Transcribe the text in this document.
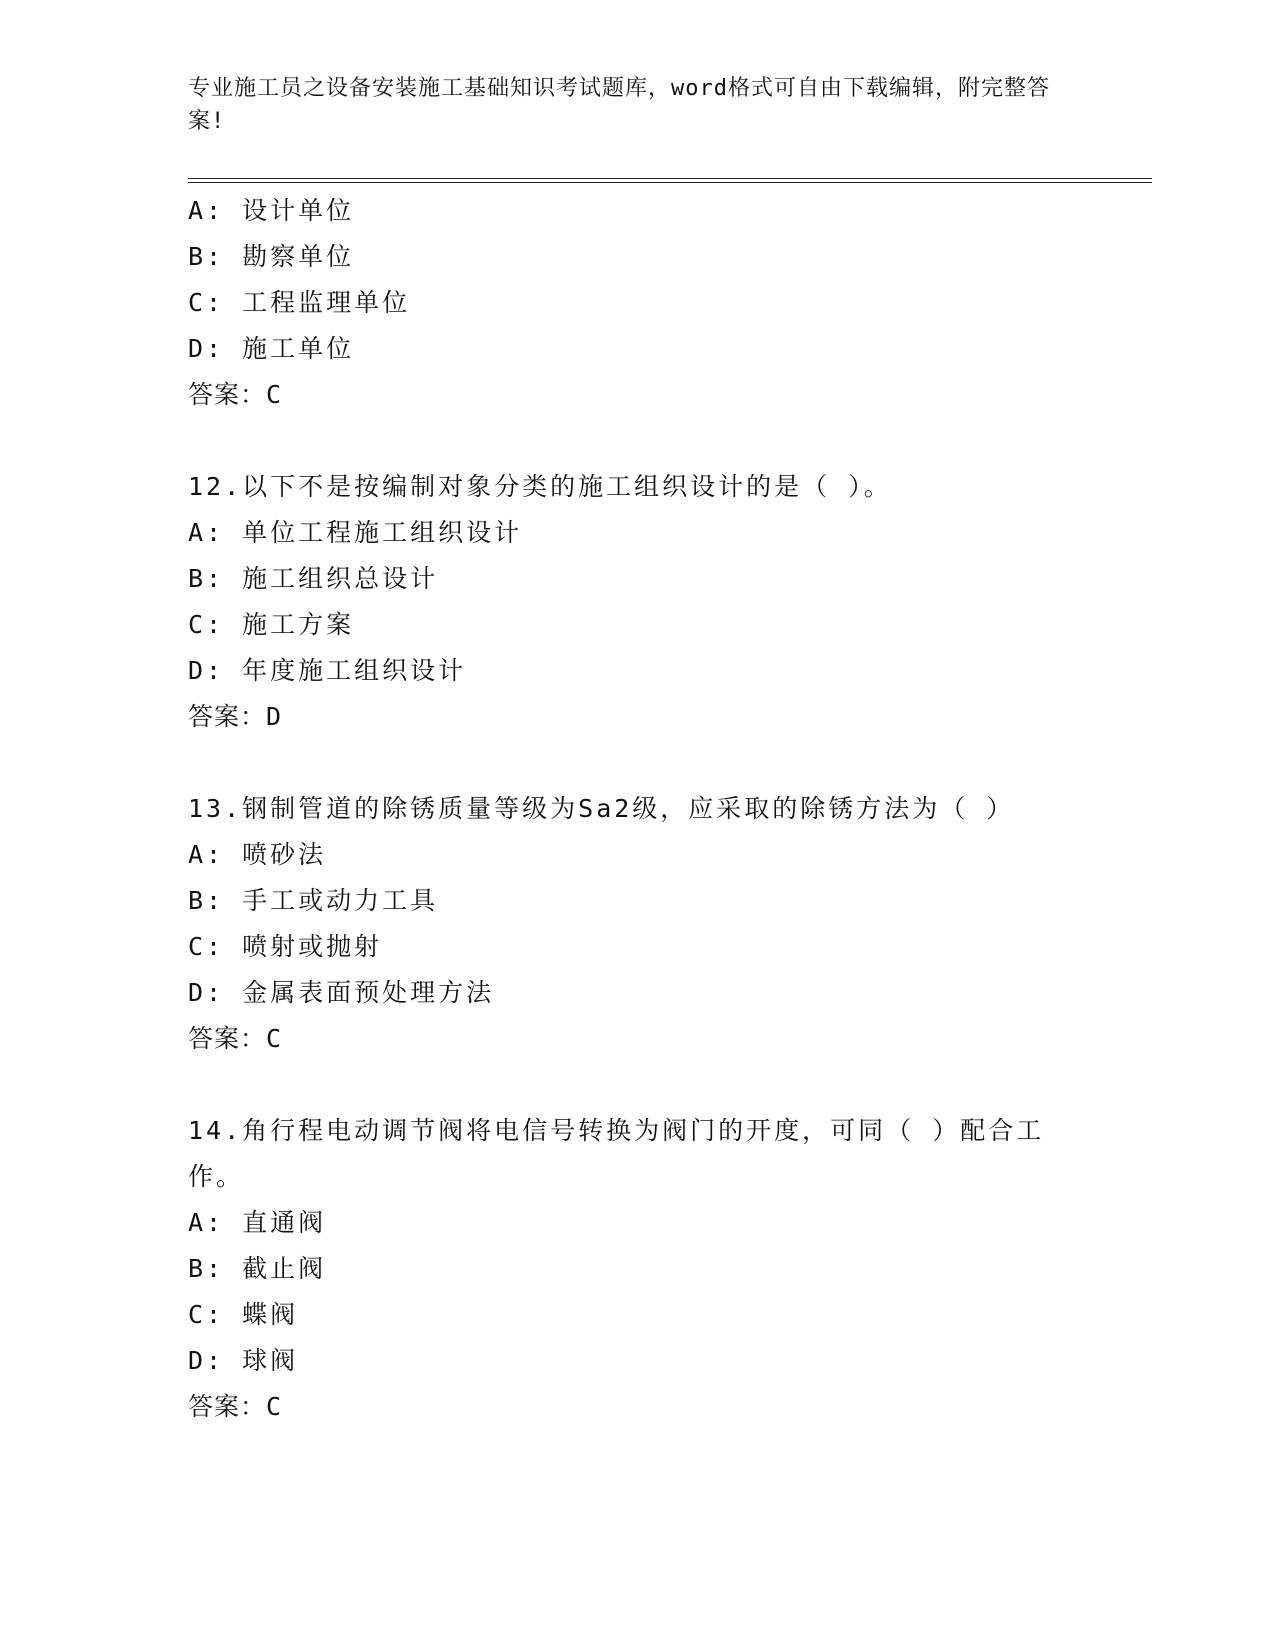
专业施工员之设备安装施工基础知识考试题库，word格式可自由下载编辑，附完整答案!
A: 设计单位
B: 勘察单位
C: 工程监理单位
D: 施工单位
答案：C
12.以下不是按编制对象分类的施工组织设计的是（ ）。
A: 单位工程施工组织设计
B: 施工组织总设计
C: 施工方案
D: 年度施工组织设计
答案：D
13.钢制管道的除锈质量等级为Sa2级，应采取的除锈方法为（ ）
A: 喷砂法
B: 手工或动力工具
C: 喷射或抛射
D: 金属表面预处理方法
答案：C
14.角行程电动调节阀将电信号转换为阀门的开度，可同（ ）配合工作。
A: 直通阀
B: 截止阀
C: 蝶阀
D: 球阀
答案：C
